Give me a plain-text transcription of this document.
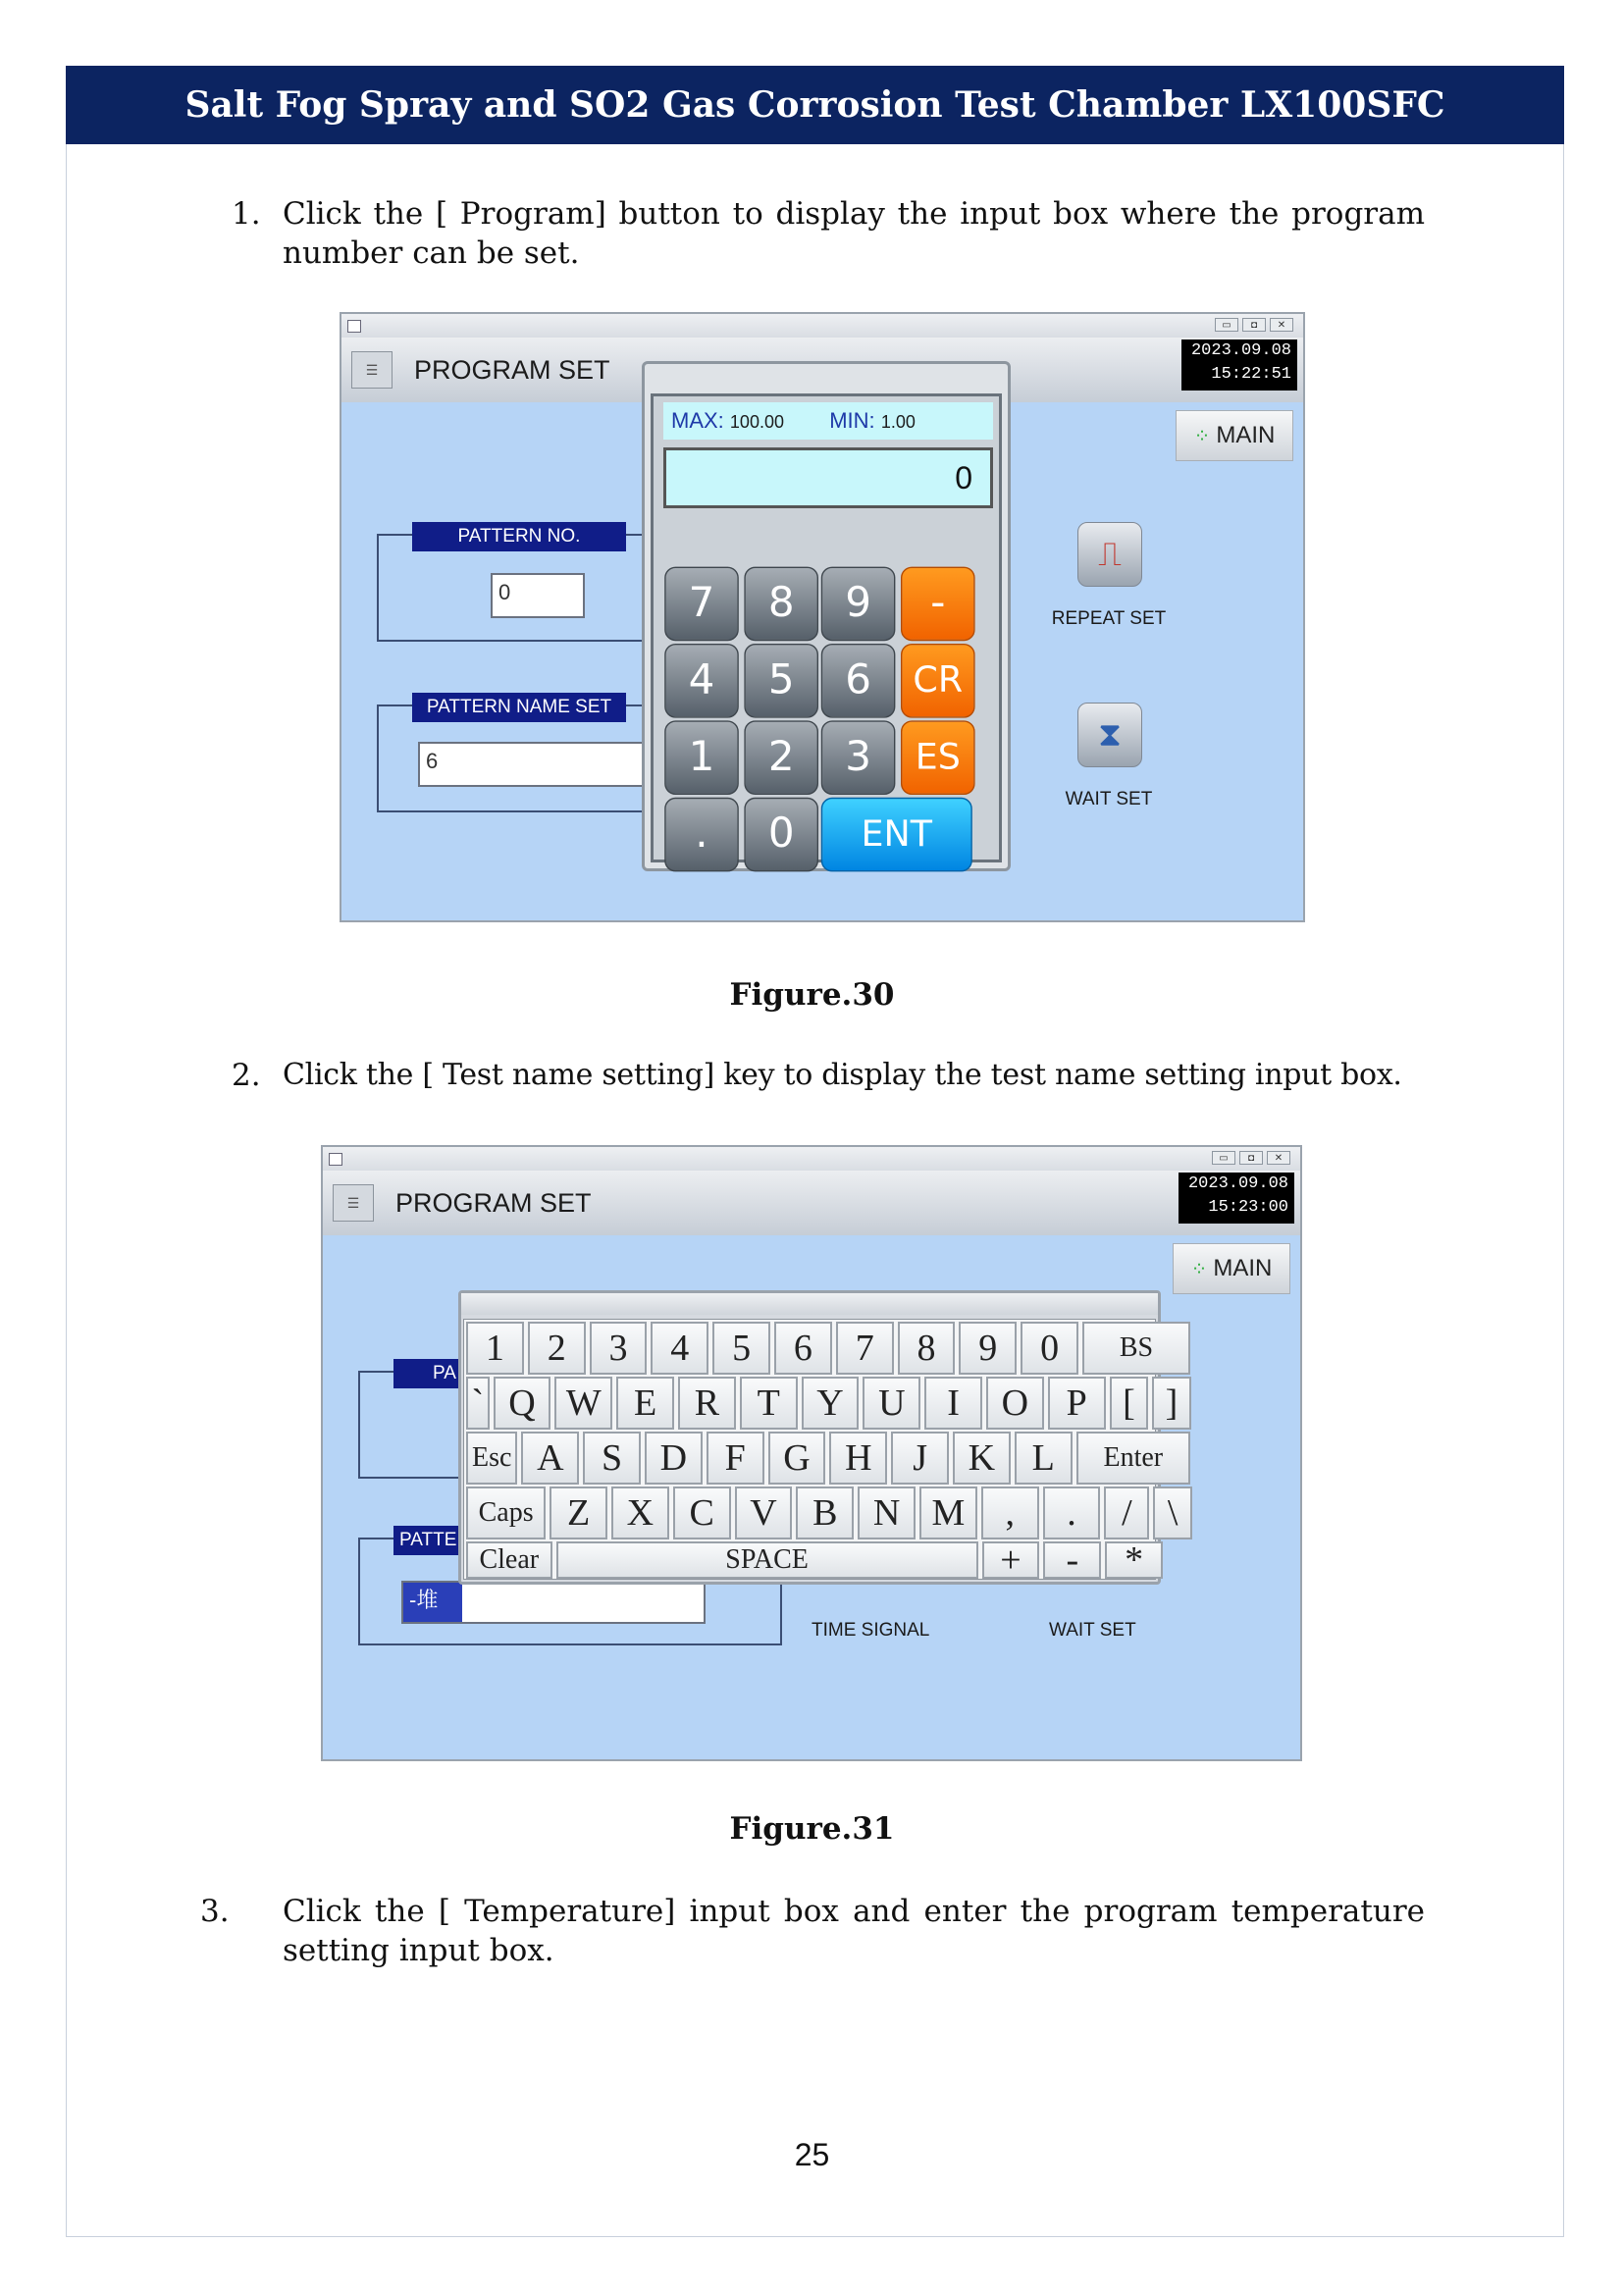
Salt Fog Spray and SO2 Gas Corrosion Test Chamber LX100SFC
1. Click the [ Program] button to display the input box where the program number can be set.
▭	◘	✕
☰	PROGRAM SET
2023.09.08
15:22:51
⁘ MAIN
PATTERN NO.
0
PATTERN NAME SET
6
⎍
REPEAT SET
⧗
WAIT SET
MAX: 100.00 MIN: 1.00
0
7	8	9	-
4	5	6	CR
1	2	3	ES
.	0	ENT
Figure.30
2. Click the [ Test name setting] key to display the test name setting input box.
▭	◘	✕
☰	PROGRAM SET
2023.09.08
15:23:00
⁘ MAIN
PA
PATTE
-堆
TIME SIGNAL	WAIT SET
1	2	3	4	5	6	7	8	9	0	BS
` Q W E	R	T Y U	I	O	P [ ]
Esc A	S	D	F	G H	J	K L	Enter
Caps Z X C V B N M	,	.	/ \
Clear	SPACE	+	-	*
Figure.31
3. Click the [ Temperature] input box and enter the program temperature setting input box.
25
